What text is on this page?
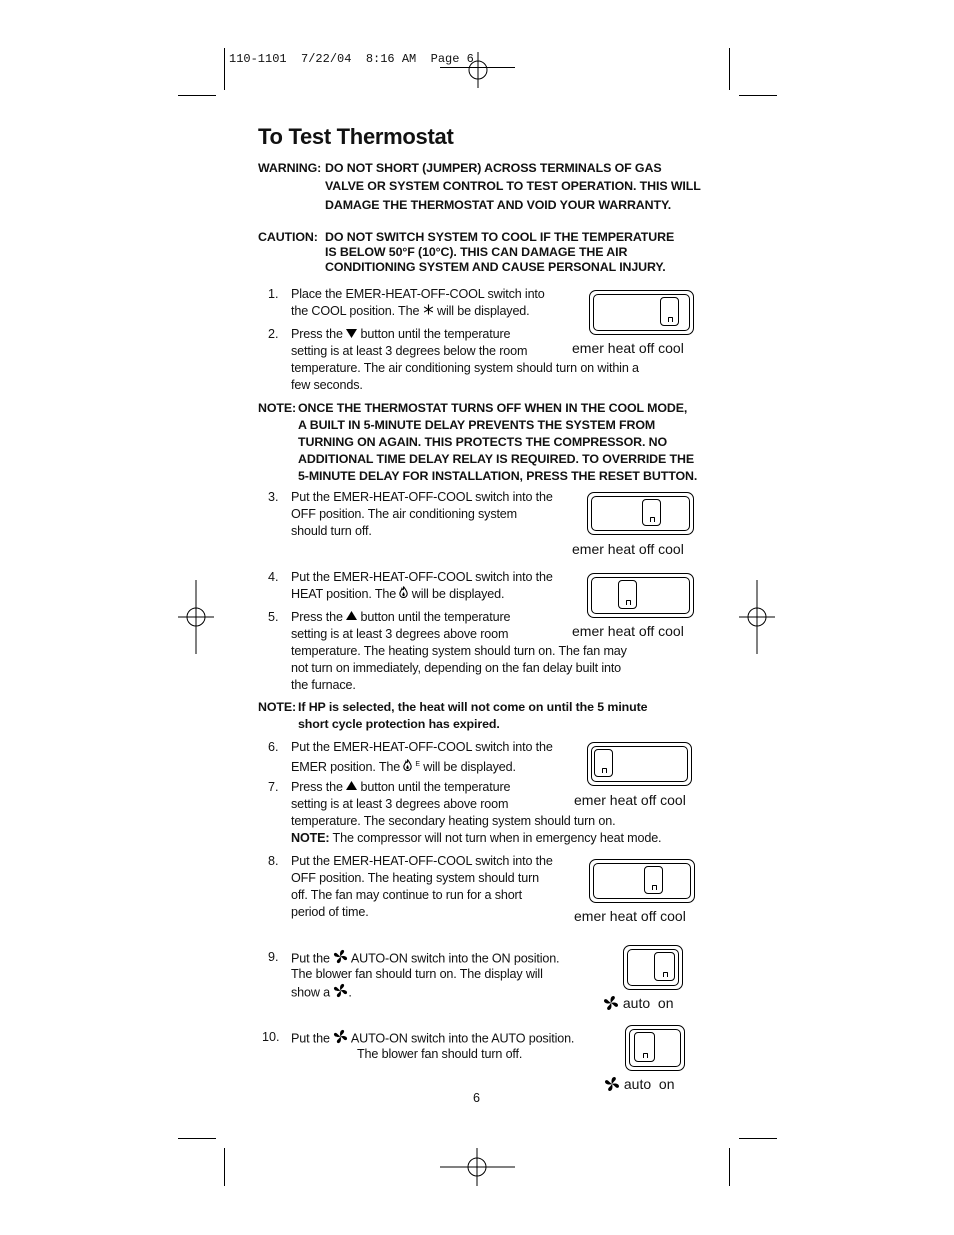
110-1101  7/22/04  8:16 AM  Page 6
To Test Thermostat
WARNING: DO NOT SHORT (JUMPER) ACROSS TERMINALS OF GAS
VALVE OR SYSTEM CONTROL TO TEST OPERATION. THIS WILL
DAMAGE THE THERMOSTAT AND VOID YOUR WARRANTY.
CAUTION: DO NOT SWITCH SYSTEM TO COOL IF THE TEMPERATURE
IS BELOW 50°F (10°C). THIS CAN DAMAGE THE AIR
CONDITIONING SYSTEM AND CAUSE PERSONAL INJURY.
1. Place the EMER-HEAT-OFF-COOL switch into
the COOL position. The  will be displayed.
2. Press the  button until the temperature
setting is at least 3 degrees below the room
temperature. The air conditioning system should turn on within a
few seconds.
emer heat off cool
NOTE: ONCE THE THERMOSTAT TURNS OFF WHEN IN THE COOL MODE,
A BUILT IN 5-MINUTE DELAY PREVENTS THE SYSTEM FROM
TURNING ON AGAIN. THIS PROTECTS THE COMPRESSOR. NO
ADDITIONAL TIME DELAY RELAY IS REQUIRED. TO OVERRIDE THE
5-MINUTE DELAY FOR INSTALLATION, PRESS THE RESET BUTTON.
3. Put the EMER-HEAT-OFF-COOL switch into the
OFF position. The air conditioning system
should turn off.
emer heat off cool
4. Put the EMER-HEAT-OFF-COOL switch into the
HEAT position. The  will be displayed.
5. Press the  button until the temperature
setting is at least 3 degrees above room
temperature. The heating system should turn on. The fan may
not turn on immediately, depending on the fan delay built into
the furnace.
emer heat off cool
NOTE: If HP is selected, the heat will not come on until the 5 minute
short cycle protection has expired.
6. Put the EMER-HEAT-OFF-COOL switch into the
EMER position. The $^E$ will be displayed.
7. Press the  button until the temperature
setting is at least 3 degrees above room
temperature. The secondary heating system should turn on.
NOTE: The compressor will not turn when in emergency heat mode.
emer heat off cool
8. Put the EMER-HEAT-OFF-COOL switch into the
OFF position. The heating system should turn
off. The fan may continue to run for a short
period of time.	emer heat off cool
9. Put the  AUTO-ON switch into the ON position.
The blower fan should turn on. The display will
show a .
auto  on
10. Put the  AUTO-ON switch into the AUTO position.
The blower fan should turn off.
auto  on
6
